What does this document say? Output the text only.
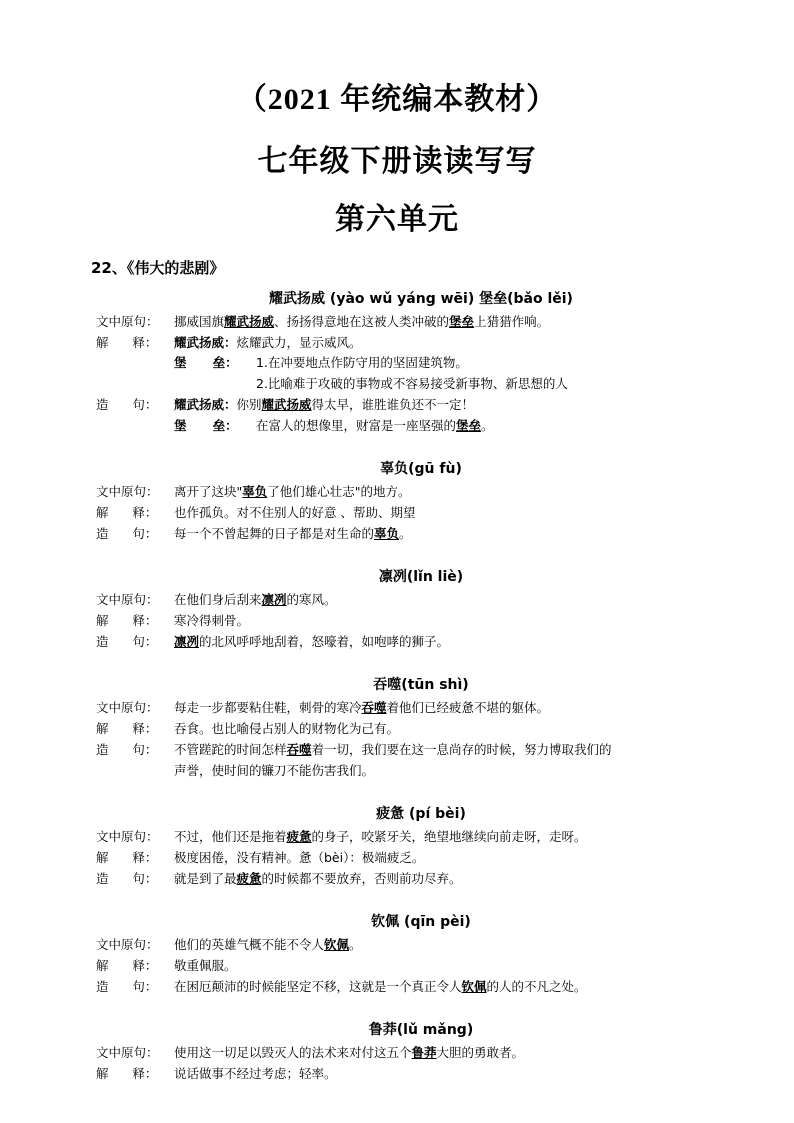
（2021 年统编本教材）
七年级下册读读写写
第六单元
22、《伟大的悲剧》
耀武扬威 (yào wǔ yáng wēi) 堡垒(bǎo lěi)
文中原句：	挪威国旗耀武扬威、扬扬得意地在这被人类冲破的堡垒上猎猎作响。
解      释：	耀武扬威：炫耀武力，显示威风。
堡      垒：	1.在冲要地点作防守用的坚固建筑物。
2.比喻难于攻破的事物或不容易接受新事物、新思想的人
造      句：	耀武扬威：你别耀武扬威得太早，谁胜谁负还不一定！
堡      垒：	在富人的想像里，财富是一座坚强的堡垒。
辜负(gū fù)
文中原句：	离开了这块"辜负了他们雄心壮志"的地方。
解      释：	也作孤负。对不住别人的好意 、帮助、期望
造      句：	每一个不曾起舞的日子都是对生命的辜负。
凛冽(lǐn liè)
文中原句：	在他们身后刮来凛冽的寒风。
解      释：	寒冷得刺骨。
造      句：	凛冽的北风呼呼地刮着，怒嚎着，如咆哮的狮子。
吞噬(tūn shì)
文中原句：	每走一步都要粘住鞋，刺骨的寒冷吞噬着他们已经疲惫不堪的躯体。
解      释：	吞食。也比喻侵占别人的财物化为己有。
造      句：	不管蹉跎的时间怎样吞噬着一切，我们要在这一息尚存的时候，努力博取我们的
声誉，使时间的镰刀不能伤害我们。
疲惫 (pí bèi)
文中原句：	不过，他们还是拖着疲惫的身子，咬紧牙关，绝望地继续向前走呀，走呀。
解      释：	极度困倦，没有精神。惫（bèi）：极端疲乏。
造      句：	就是到了最疲惫的时候都不要放弃，否则前功尽弃。
钦佩 (qīn pèi)
文中原句：	他们的英雄气概不能不令人钦佩。
解      释：	敬重佩服。
造      句：	在困厄颠沛的时候能坚定不移，这就是一个真正令人钦佩的人的不凡之处。
鲁莽(lǔ mǎng)
文中原句：	使用这一切足以毁灭人的法术来对付这五个鲁莽大胆的勇敢者。
解      释：	说话做事不经过考虑；轻率。
